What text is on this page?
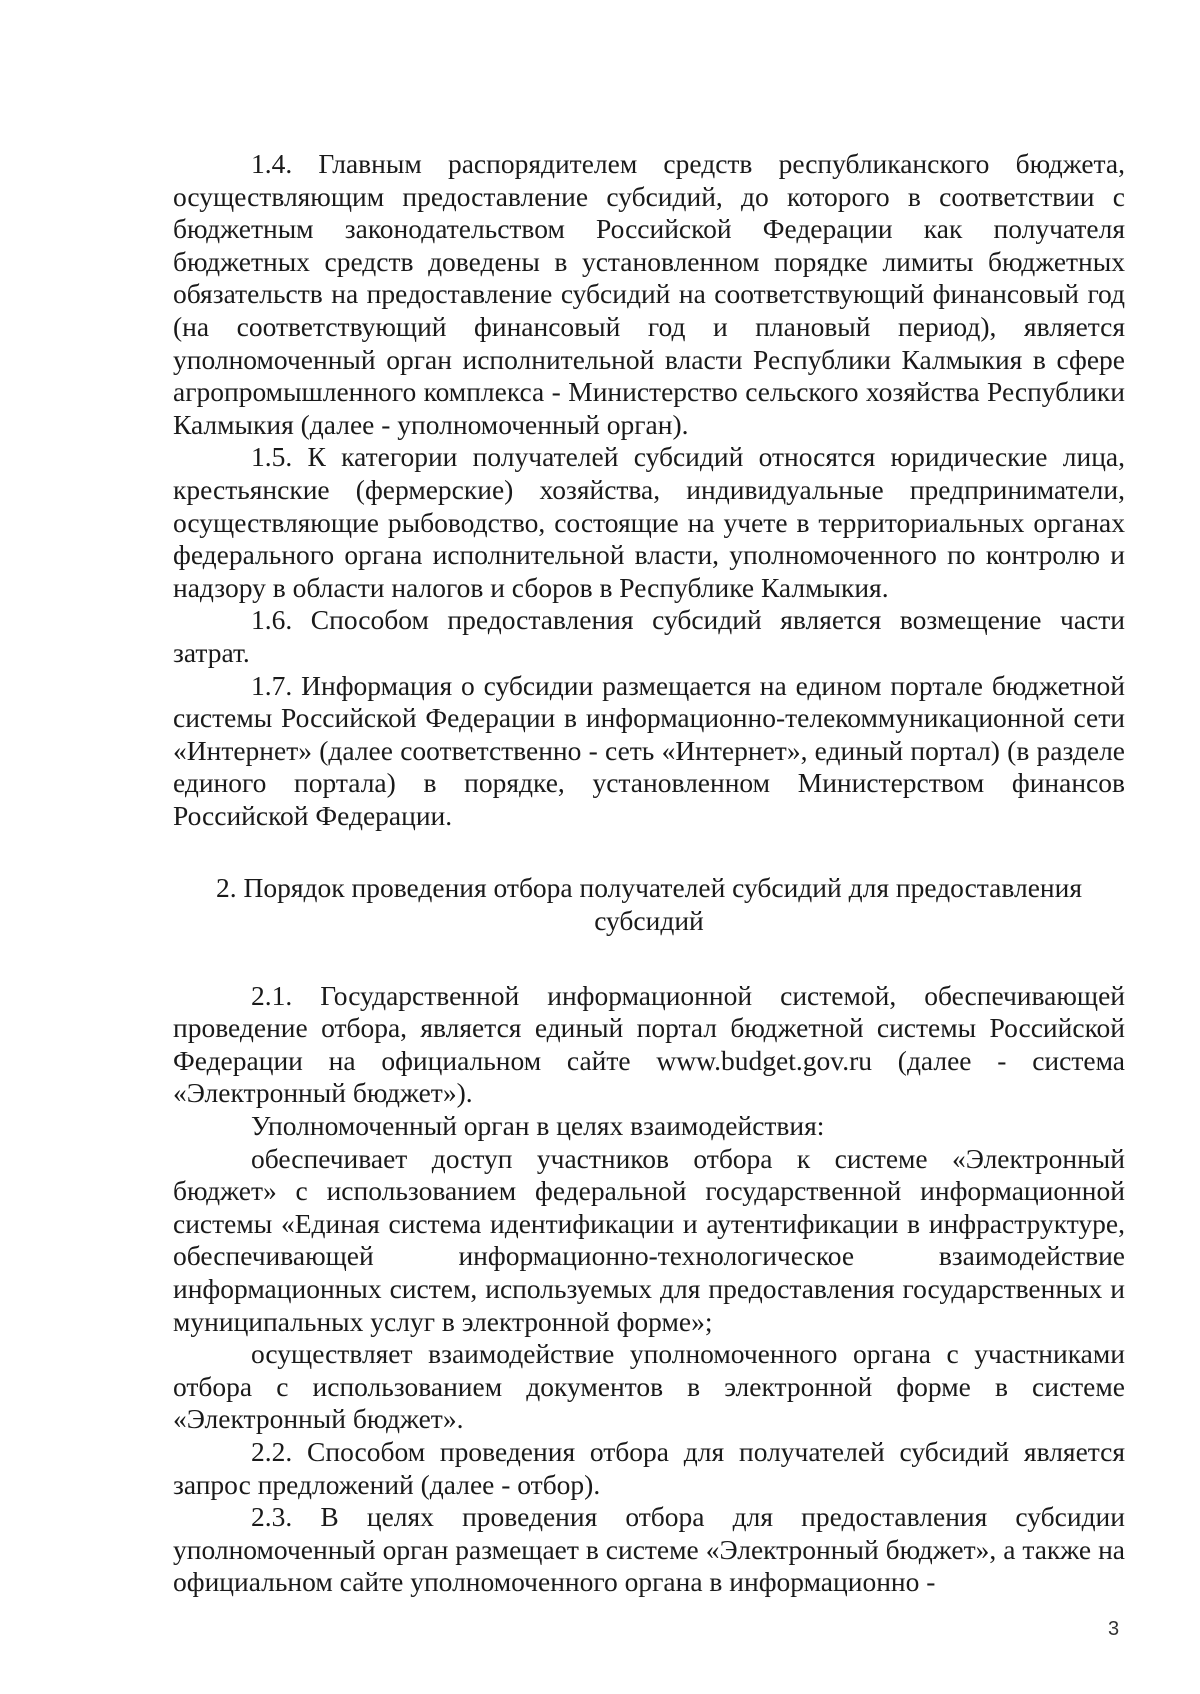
1.4. Главным распорядителем средств республиканского бюджета, осуществляющим предоставление субсидий, до которого в соответствии с бюджетным законодательством Российской Федерации как получателя бюджетных средств доведены в установленном порядке лимиты бюджетных обязательств на предоставление субсидий на соответствующий финансовый год (на соответствующий финансовый год и плановый период), является уполномоченный орган исполнительной власти Республики Калмыкия в сфере агропромышленного комплекса - Министерство сельского хозяйства Республики Калмыкия (далее - уполномоченный орган).

1.5. К категории получателей субсидий относятся юридические лица, крестьянские (фермерские) хозяйства, индивидуальные предприниматели, осуществляющие рыбоводство, состоящие на учете в территориальных органах федерального органа исполнительной власти, уполномоченного по контролю и надзору в области налогов и сборов в Республике Калмыкия.

1.6. Способом предоставления субсидий является возмещение части затрат.

1.7. Информация о субсидии размещается на едином портале бюджетной системы Российской Федерации в информационно-телекоммуникационной сети «Интернет» (далее соответственно - сеть «Интернет», единый портал) (в разделе единого портала) в порядке, установленном Министерством финансов Российской Федерации.

2. Порядок проведения отбора получателей субсидий для предоставления субсидий

2.1. Государственной информационной системой, обеспечивающей проведение отбора, является единый портал бюджетной системы Российской Федерации на официальном сайте www.budget.gov.ru (далее - система «Электронный бюджет»).

Уполномоченный орган в целях взаимодействия:

обеспечивает доступ участников отбора к системе «Электронный бюджет» с использованием федеральной государственной информационной системы «Единая система идентификации и аутентификации в инфраструктуре, обеспечивающей информационно-технологическое взаимодействие информационных систем, используемых для предоставления государственных и муниципальных услуг в электронной форме»;

осуществляет взаимодействие уполномоченного органа с участниками отбора с использованием документов в электронной форме в системе «Электронный бюджет».

2.2. Способом проведения отбора для получателей субсидий является запрос предложений (далее - отбор).

2.3. В целях проведения отбора для предоставления субсидии уполномоченный орган размещает в системе «Электронный бюджет», а также на официальном сайте уполномоченного органа в информационно -

3
